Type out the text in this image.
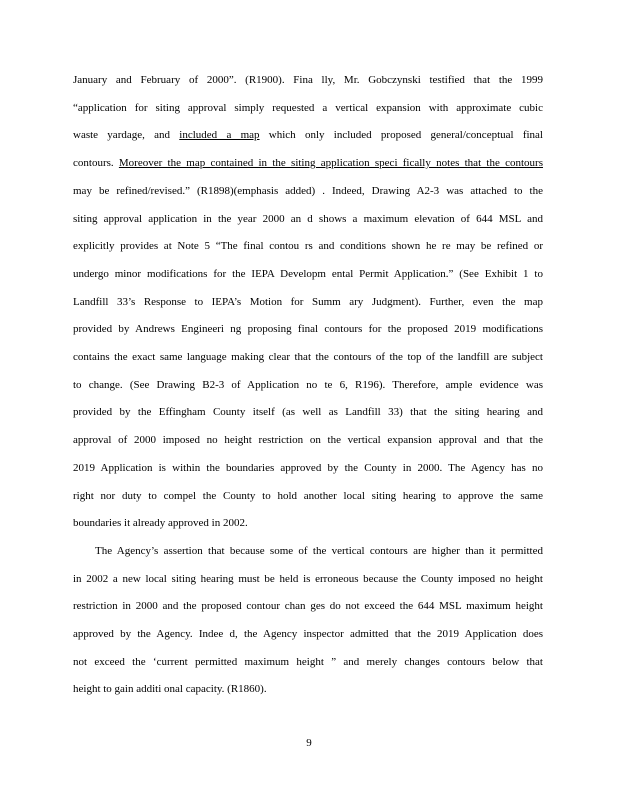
January and February of 2000”. (R1900). Fina lly, Mr. Gobczynski testified that the 1999
“application for siting approval simply requested a vertical expansion with approximate cubic
waste yardage, and included a map which only included proposed general/conceptual final
contours. Moreover the map contained in the siting application speci fically notes that the contours
may be refined/revised.” (R1898)(emphasis added) . Indeed, Drawing A2-3 was attached to the
siting approval application in the year 2000 an d shows a maximum elevation of 644 MSL and
explicitly provides at Note 5 “The final contou rs and conditions shown he re may be refined or
undergo minor modifications for the IEPA Developm ental Permit Application.” (See Exhibit 1 to
Landfill 33’s Response to IEPA’s Motion for Summ ary Judgment). Further, even the map
provided by Andrews Engineeri ng proposing final contours for the proposed 2019 modifications
contains the exact same language making clear that the contours of the top of the landfill are subject
to change. (See Drawing B2-3 of Application no te 6, R196). Therefore, ample evidence was
provided by the Effingham County itself (as well as Landfill 33) that the siting hearing and
approval of 2000 imposed no height restriction on the vertical expansion approval and that the
2019 Application is within the boundaries approved by the County in 2000. The Agency has no
right nor duty to compel the County to hold another local siting hearing to approve the same
boundaries it already approved in 2002.
The Agency’s assertion that because some of the vertical contours are higher than it permitted
in 2002 a new local siting hearing must be held is erroneous because the County imposed no height
restriction in 2000 and the proposed contour chan ges do not exceed the 644 MSL maximum height
approved by the Agency. Indee d, the Agency inspector admitted that the 2019 Application does
not exceed the ‘current permitted maximum height ” and merely changes contours below that
height to gain additi onal capacity. (R1860).
9
